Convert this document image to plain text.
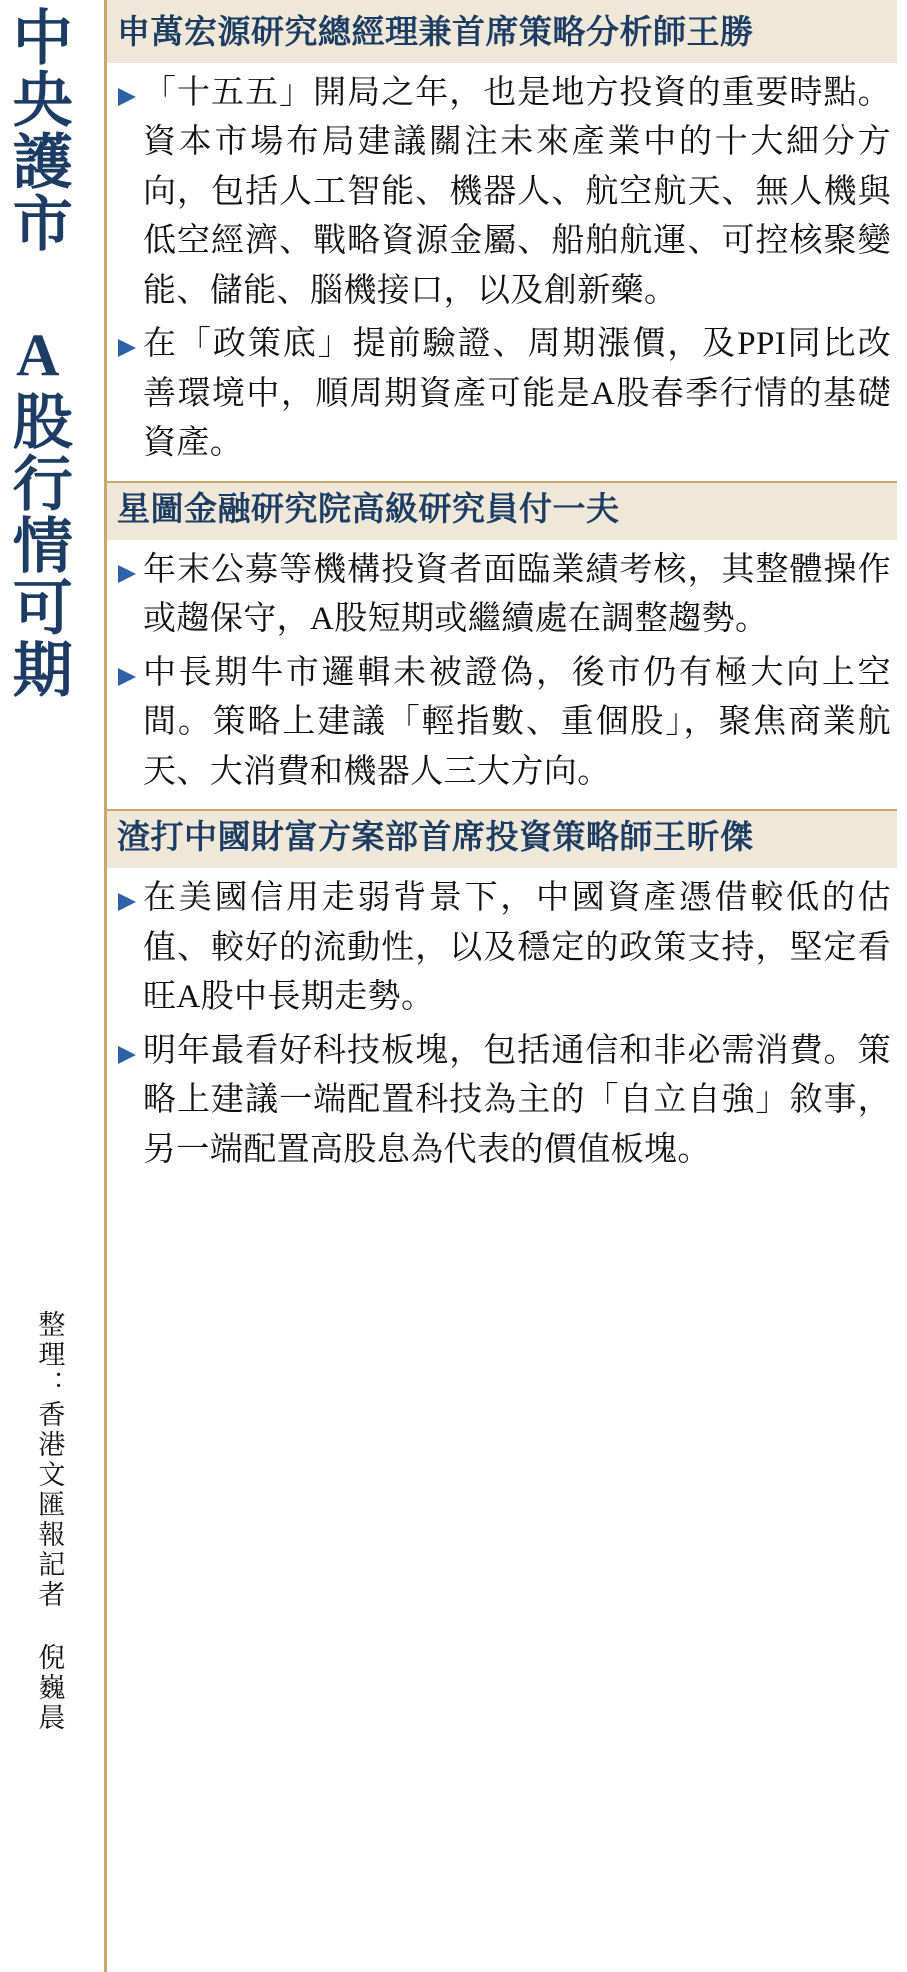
中央護市 A股行情可期
整理：香港文匯報記者 倪巍晨
申萬宏源研究總經理兼首席策略分析師王勝
「十五五」開局之年，也是地方投資的重要時點。資本市場布局建議關注未來產業中的十大細分方向，包括人工智能、機器人、航空航天、無人機與低空經濟、戰略資源金屬、船舶航運、可控核聚變能、儲能、腦機接口，以及創新藥。
在「政策底」提前驗證、周期漲價，及PPI同比改善環境中，順周期資產可能是A股春季行情的基礎資產。
星圖金融研究院高級研究員付一夫
年末公募等機構投資者面臨業績考核，其整體操作或趨保守，A股短期或繼續處在調整趨勢。
中長期牛市邏輯未被證偽，後市仍有極大向上空間。策略上建議「輕指數、重個股」，聚焦商業航天、大消費和機器人三大方向。
渣打中國財富方案部首席投資策略師王昕傑
在美國信用走弱背景下，中國資產憑借較低的估值、較好的流動性，以及穩定的政策支持，堅定看旺A股中長期走勢。
明年最看好科技板塊，包括通信和非必需消費。策略上建議一端配置科技為主的「自立自強」敘事，另一端配置高股息為代表的價值板塊。
